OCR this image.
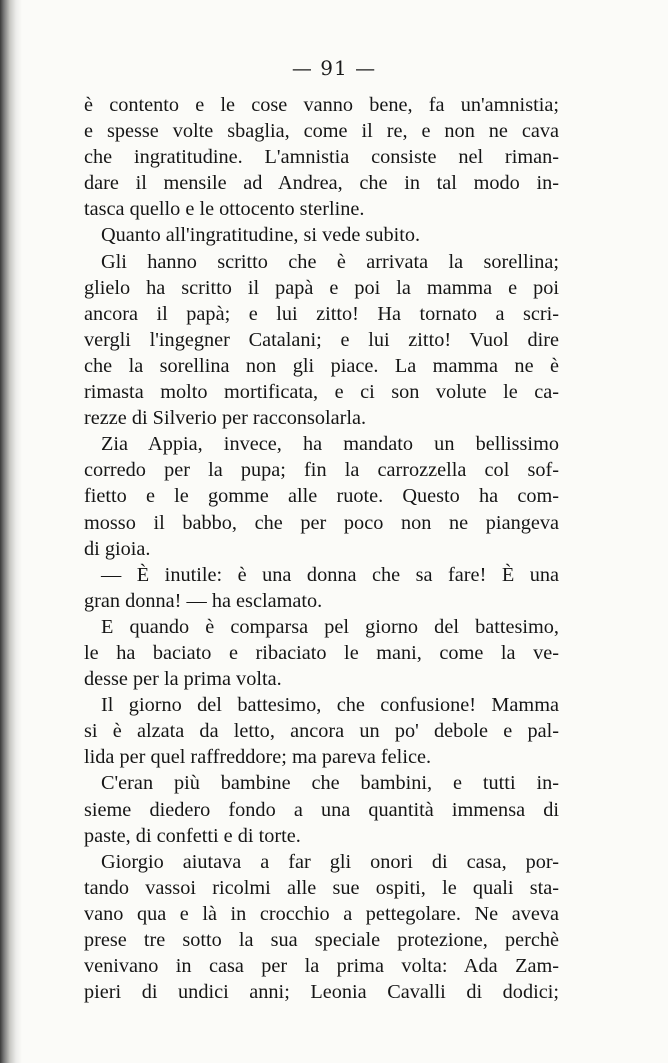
— 91 —
è contento e le cose vanno bene, fa un'amnistia;
e spesse volte sbaglia, come il re, e non ne cava
che ingratitudine. L'amnistia consiste nel riman-
dare il mensile ad Andrea, che in tal modo in-
tasca quello e le ottocento sterline.
Quanto all'ingratitudine, si vede subito.
Gli hanno scritto che è arrivata la sorellina;
glielo ha scritto il papà e poi la mamma e poi
ancora il papà; e lui zitto! Ha tornato a scri-
vergli l'ingegner Catalani; e lui zitto! Vuol dire
che la sorellina non gli piace. La mamma ne è
rimasta molto mortificata, e ci son volute le ca-
rezze di Silverio per racconsolarla.
Zia Appia, invece, ha mandato un bellissimo
corredo per la pupa; fin la carrozzella col sof-
fietto e le gomme alle ruote. Questo ha com-
mosso il babbo, che per poco non ne piangeva
di gioia.
— È inutile: è una donna che sa fare! È una
gran donna! — ha esclamato.
E quando è comparsa pel giorno del battesimo,
le ha baciato e ribaciato le mani, come la ve-
desse per la prima volta.
Il giorno del battesimo, che confusione! Mamma
si è alzata da letto, ancora un po' debole e pal-
lida per quel raffreddore; ma pareva felice.
C'eran più bambine che bambini, e tutti in-
sieme diedero fondo a una quantità immensa di
paste, di confetti e di torte.
Giorgio aiutava a far gli onori di casa, por-
tando vassoi ricolmi alle sue ospiti, le quali sta-
vano qua e là in crocchio a pettegolare. Ne aveva
prese tre sotto la sua speciale protezione, perchè
venivano in casa per la prima volta: Ada Zam-
pieri di undici anni; Leonia Cavalli di dodici;
